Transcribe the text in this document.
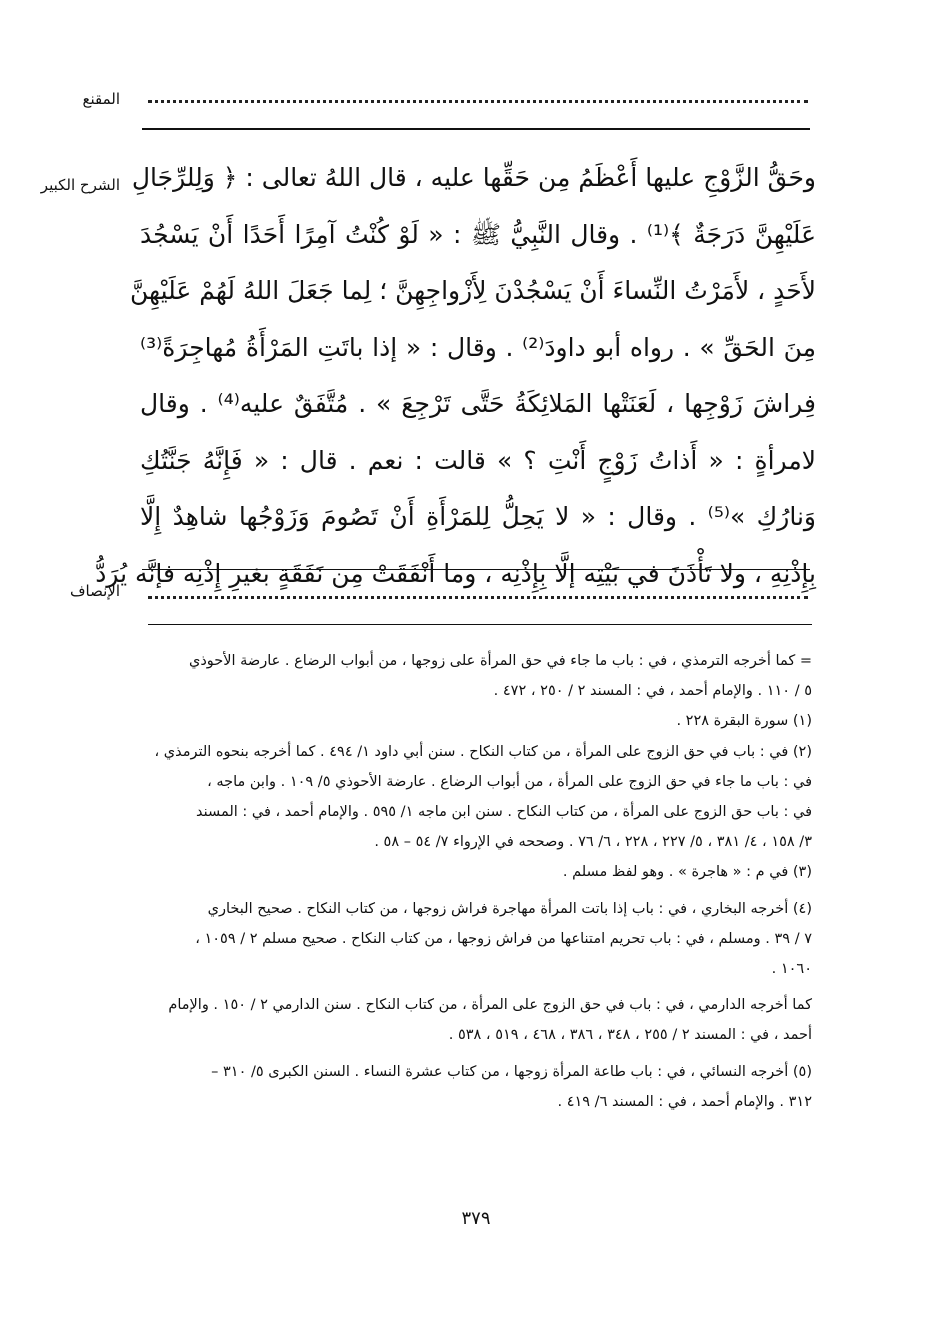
المقنع
الشرح الكبير وحَقُّ الزَّوْجِ عليها أَعْظَمُ مِن حَقِّها عليه ، قال اللهُ تعالى : ﴿ وَلِلرِّجَالِ
عَلَيْهِنَّ دَرَجَةٌ ﴾⁽¹⁾ . وقال النَّبِيُّ ﷺ : « لَوْ كُنْتُ آمِرًا أَحَدًا أَنْ يَسْجُدَ
لأَحَدٍ ، لأَمَرْتُ النِّساءَ أَنْ يَسْجُدْنَ لِأَزْواجِهِنَّ ؛ لِما جَعَلَ اللهُ لَهُمْ عَلَيْهِنَّ
مِنَ الحَقِّ » . رواه أبو داودَ⁽²⁾ . وقال : « إذا باتَتِ المَرْأَةُ مُهاجِرَةً⁽³⁾
فِراشَ زَوْجِها ، لَعَنَتْها المَلائِكَةُ حَتَّى تَرْجِعَ » . مُتَّفَقٌ عليه⁽⁴⁾ . وقال
لامرأةٍ : « أَذاتُ زَوْجٍ أَنْتِ ؟ » قالت : نعم . قال : « فَإِنَّهُ جَنَّتُكِ
وَنارُكِ »⁽⁵⁾ . وقال : « لا يَحِلُّ لِلمَرْأَةِ أَنْ تَصُومَ وَزَوْجُها شاهِدٌ إِلَّا
بِإِذْنِهِ ، ولا تَأْذَنَ في بَيْتِه إلَّا بِإِذْنِه ، وما أَنْفَقَتْ مِن نَفَقَةٍ بغيرِ إِذْنِه فإنَّه يُرَدُّ
الإنصاف
= كما أخرجه الترمذي ، في : باب ما جاء في حق المرأة على زوجها ، من أبواب الرضاع . عارضة الأحوذي
٥ / ١١٠ . والإمام أحمد ، في : المسند ٢ / ٢٥٠ ، ٤٧٢ .
(١) سورة البقرة ٢٢٨ .
(٢) في : باب في حق الزوج على المرأة ، من كتاب النكاح . سنن أبي داود ١/ ٤٩٤ . كما أخرجه بنحوه الترمذي ،
في : باب ما جاء في حق الزوج على المرأة ، من أبواب الرضاع . عارضة الأحوذي ٥/ ١٠٩ . وابن ماجه ،
في : باب حق الزوج على المرأة ، من كتاب النكاح . سنن ابن ماجه ١/ ٥٩٥ . والإمام أحمد ، في : المسند
٣/ ١٥٨ ، ٤/ ٣٨١ ، ٥/ ٢٢٧ ، ٢٢٨ ، ٦/ ٧٦ . وصححه في الإرواء ٧/ ٥٤ – ٥٨ .
(٣) في م : « هاجرة » . وهو لفظ مسلم .
(٤) أخرجه البخاري ، في : باب إذا باتت المرأة مهاجرة فراش زوجها ، من كتاب النكاح . صحيح البخاري
٧ / ٣٩ . ومسلم ، في : باب تحريم امتناعها من فراش زوجها ، من كتاب النكاح . صحيح مسلم ٢ / ١٠٥٩ ،
١٠٦٠ .
كما أخرجه الدارمي ، في : باب في حق الزوج على المرأة ، من كتاب النكاح . سنن الدارمي ٢ / ١٥٠ . والإمام
أحمد ، في : المسند ٢ / ٢٥٥ ، ٣٤٨ ، ٣٨٦ ، ٤٦٨ ، ٥١٩ ، ٥٣٨ .
(٥) أخرجه النسائي ، في : باب طاعة المرأة زوجها ، من كتاب عشرة النساء . السنن الكبرى ٥/ ٣١٠ –
٣١٢ . والإمام أحمد ، في : المسند ٦/ ٤١٩ .
٣٧٩
